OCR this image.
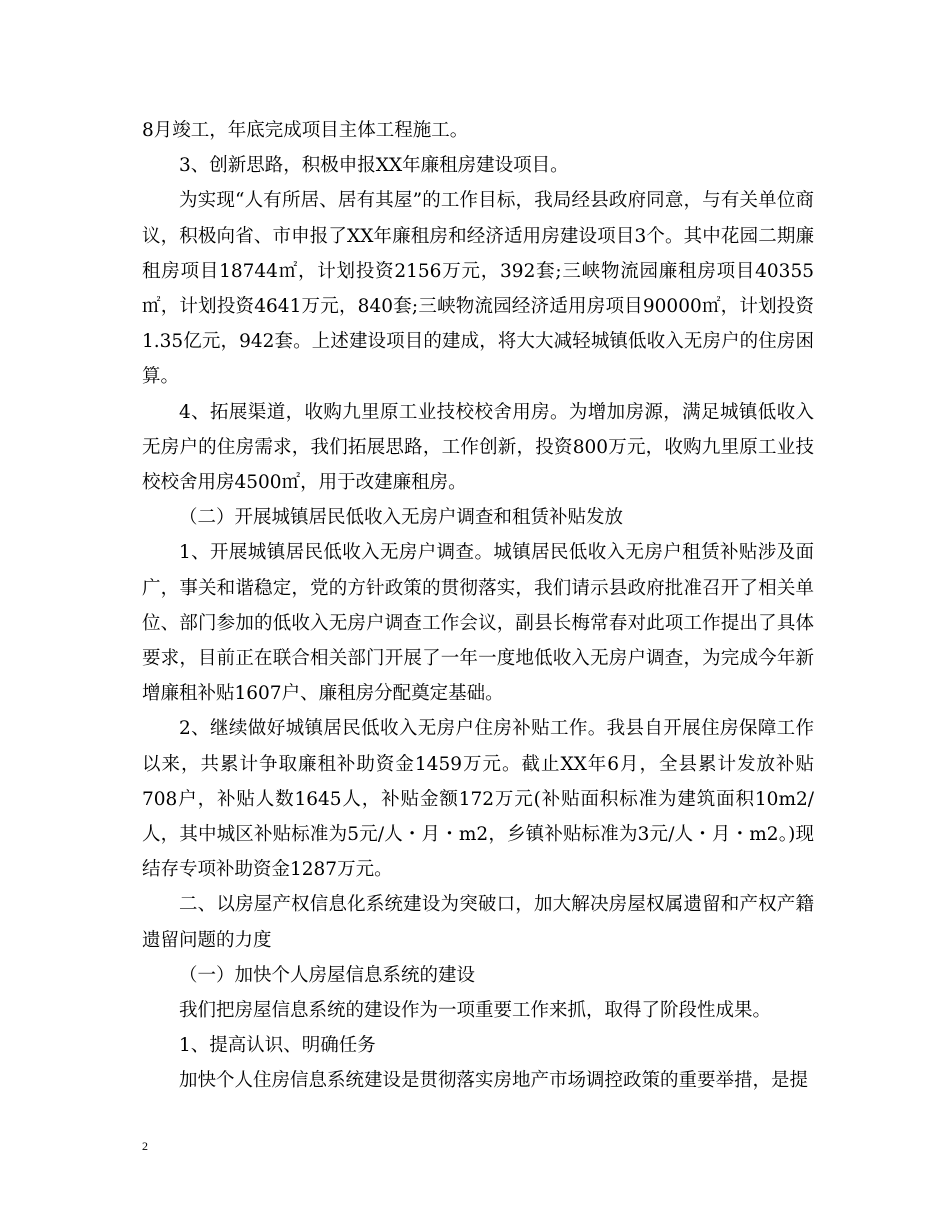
8月竣工，年底完成项目主体工程施工。

3、创新思路，积极申报XX年廉租房建设项目。

为实现“人有所居、居有其屋”的工作目标，我局经县政府同意，与有关单位商议，积极向省、市申报了XX年廉租房和经济适用房建设项目3个。其中花园二期廉租房项目18744㎡，计划投资2156万元，392套;三峡物流园廉租房项目40355㎡，计划投资4641万元，840套;三峡物流园经济适用房项目90000㎡，计划投资1.35亿元，942套。上述建设项目的建成，将大大减轻城镇低收入无房户的住房困算。

4、拓展渠道，收购九里原工业技校校舍用房。为增加房源，满足城镇低收入无房户的住房需求，我们拓展思路，工作创新，投资800万元，收购九里原工业技校校舍用房4500㎡，用于改建廉租房。

（二）开展城镇居民低收入无房户调查和租赁补贴发放

1、开展城镇居民低收入无房户调查。城镇居民低收入无房户租赁补贴涉及面广，事关和谐稳定，党的方针政策的贯彻落实，我们请示县政府批准召开了相关单位、部门参加的低收入无房户调查工作会议，副县长梅常春对此项工作提出了具体要求，目前正在联合相关部门开展了一年一度地低收入无房户调查，为完成今年新增廉租补贴1607户、廉租房分配奠定基础。

2、继续做好城镇居民低收入无房户住房补贴工作。我县自开展住房保障工作以来，共累计争取廉租补助资金1459万元。截止XX年6月，全县累计发放补贴708户，补贴人数1645人，补贴金额172万元(补贴面积标准为建筑面积10m2/人，其中城区补贴标准为5元/人・月・m2，乡镇补贴标准为3元/人・月・m2。)现结存专项补助资金1287万元。

二、以房屋产权信息化系统建设为突破口，加大解决房屋权属遗留和产权产籍遗留问题的力度

（一）加快个人房屋信息系统的建设

我们把房屋信息系统的建设作为一项重要工作来抓，取得了阶段性成果。

1、提高认识、明确任务

加快个人住房信息系统建设是贯彻落实房地产市场调控政策的重要举措，是提

2
